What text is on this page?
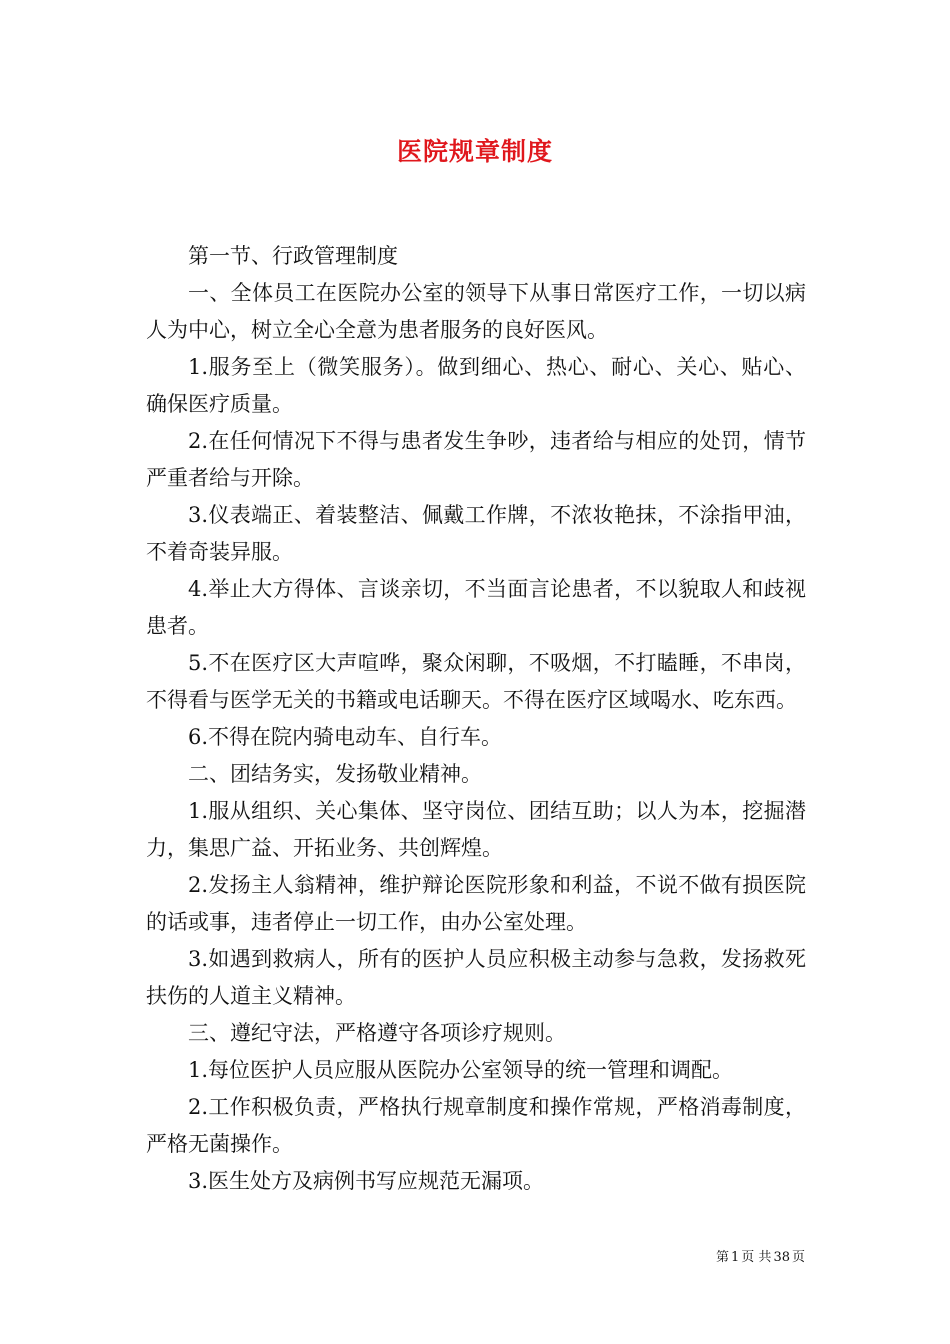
医院规章制度

第一节、行政管理制度

一、全体员工在医院办公室的领导下从事日常医疗工作，一切以病人为中心，树立全心全意为患者服务的良好医风。

1.服务至上（微笑服务）。做到细心、热心、耐心、关心、贴心、确保医疗质量。

2.在任何情况下不得与患者发生争吵，违者给与相应的处罚，情节严重者给与开除。

3.仪表端正、着装整洁、佩戴工作牌，不浓妆艳抹，不涂指甲油，不着奇装异服。

4.举止大方得体、言谈亲切，不当面言论患者，不以貌取人和歧视患者。

5.不在医疗区大声喧哗，聚众闲聊，不吸烟，不打瞌睡，不串岗，不得看与医学无关的书籍或电话聊天。不得在医疗区域喝水、吃东西。

6.不得在院内骑电动车、自行车。

二、团结务实，发扬敬业精神。

1.服从组织、关心集体、坚守岗位、团结互助；以人为本，挖掘潜力，集思广益、开拓业务、共创辉煌。

2.发扬主人翁精神，维护辩论医院形象和利益，不说不做有损医院的话或事，违者停止一切工作，由办公室处理。

3.如遇到救病人，所有的医护人员应积极主动参与急救，发扬救死扶伤的人道主义精神。

三、遵纪守法，严格遵守各项诊疗规则。

1.每位医护人员应服从医院办公室领导的统一管理和调配。

2.工作积极负责，严格执行规章制度和操作常规，严格消毒制度，严格无菌操作。

3.医生处方及病例书写应规范无漏项。

第 1 页 共 38 页
